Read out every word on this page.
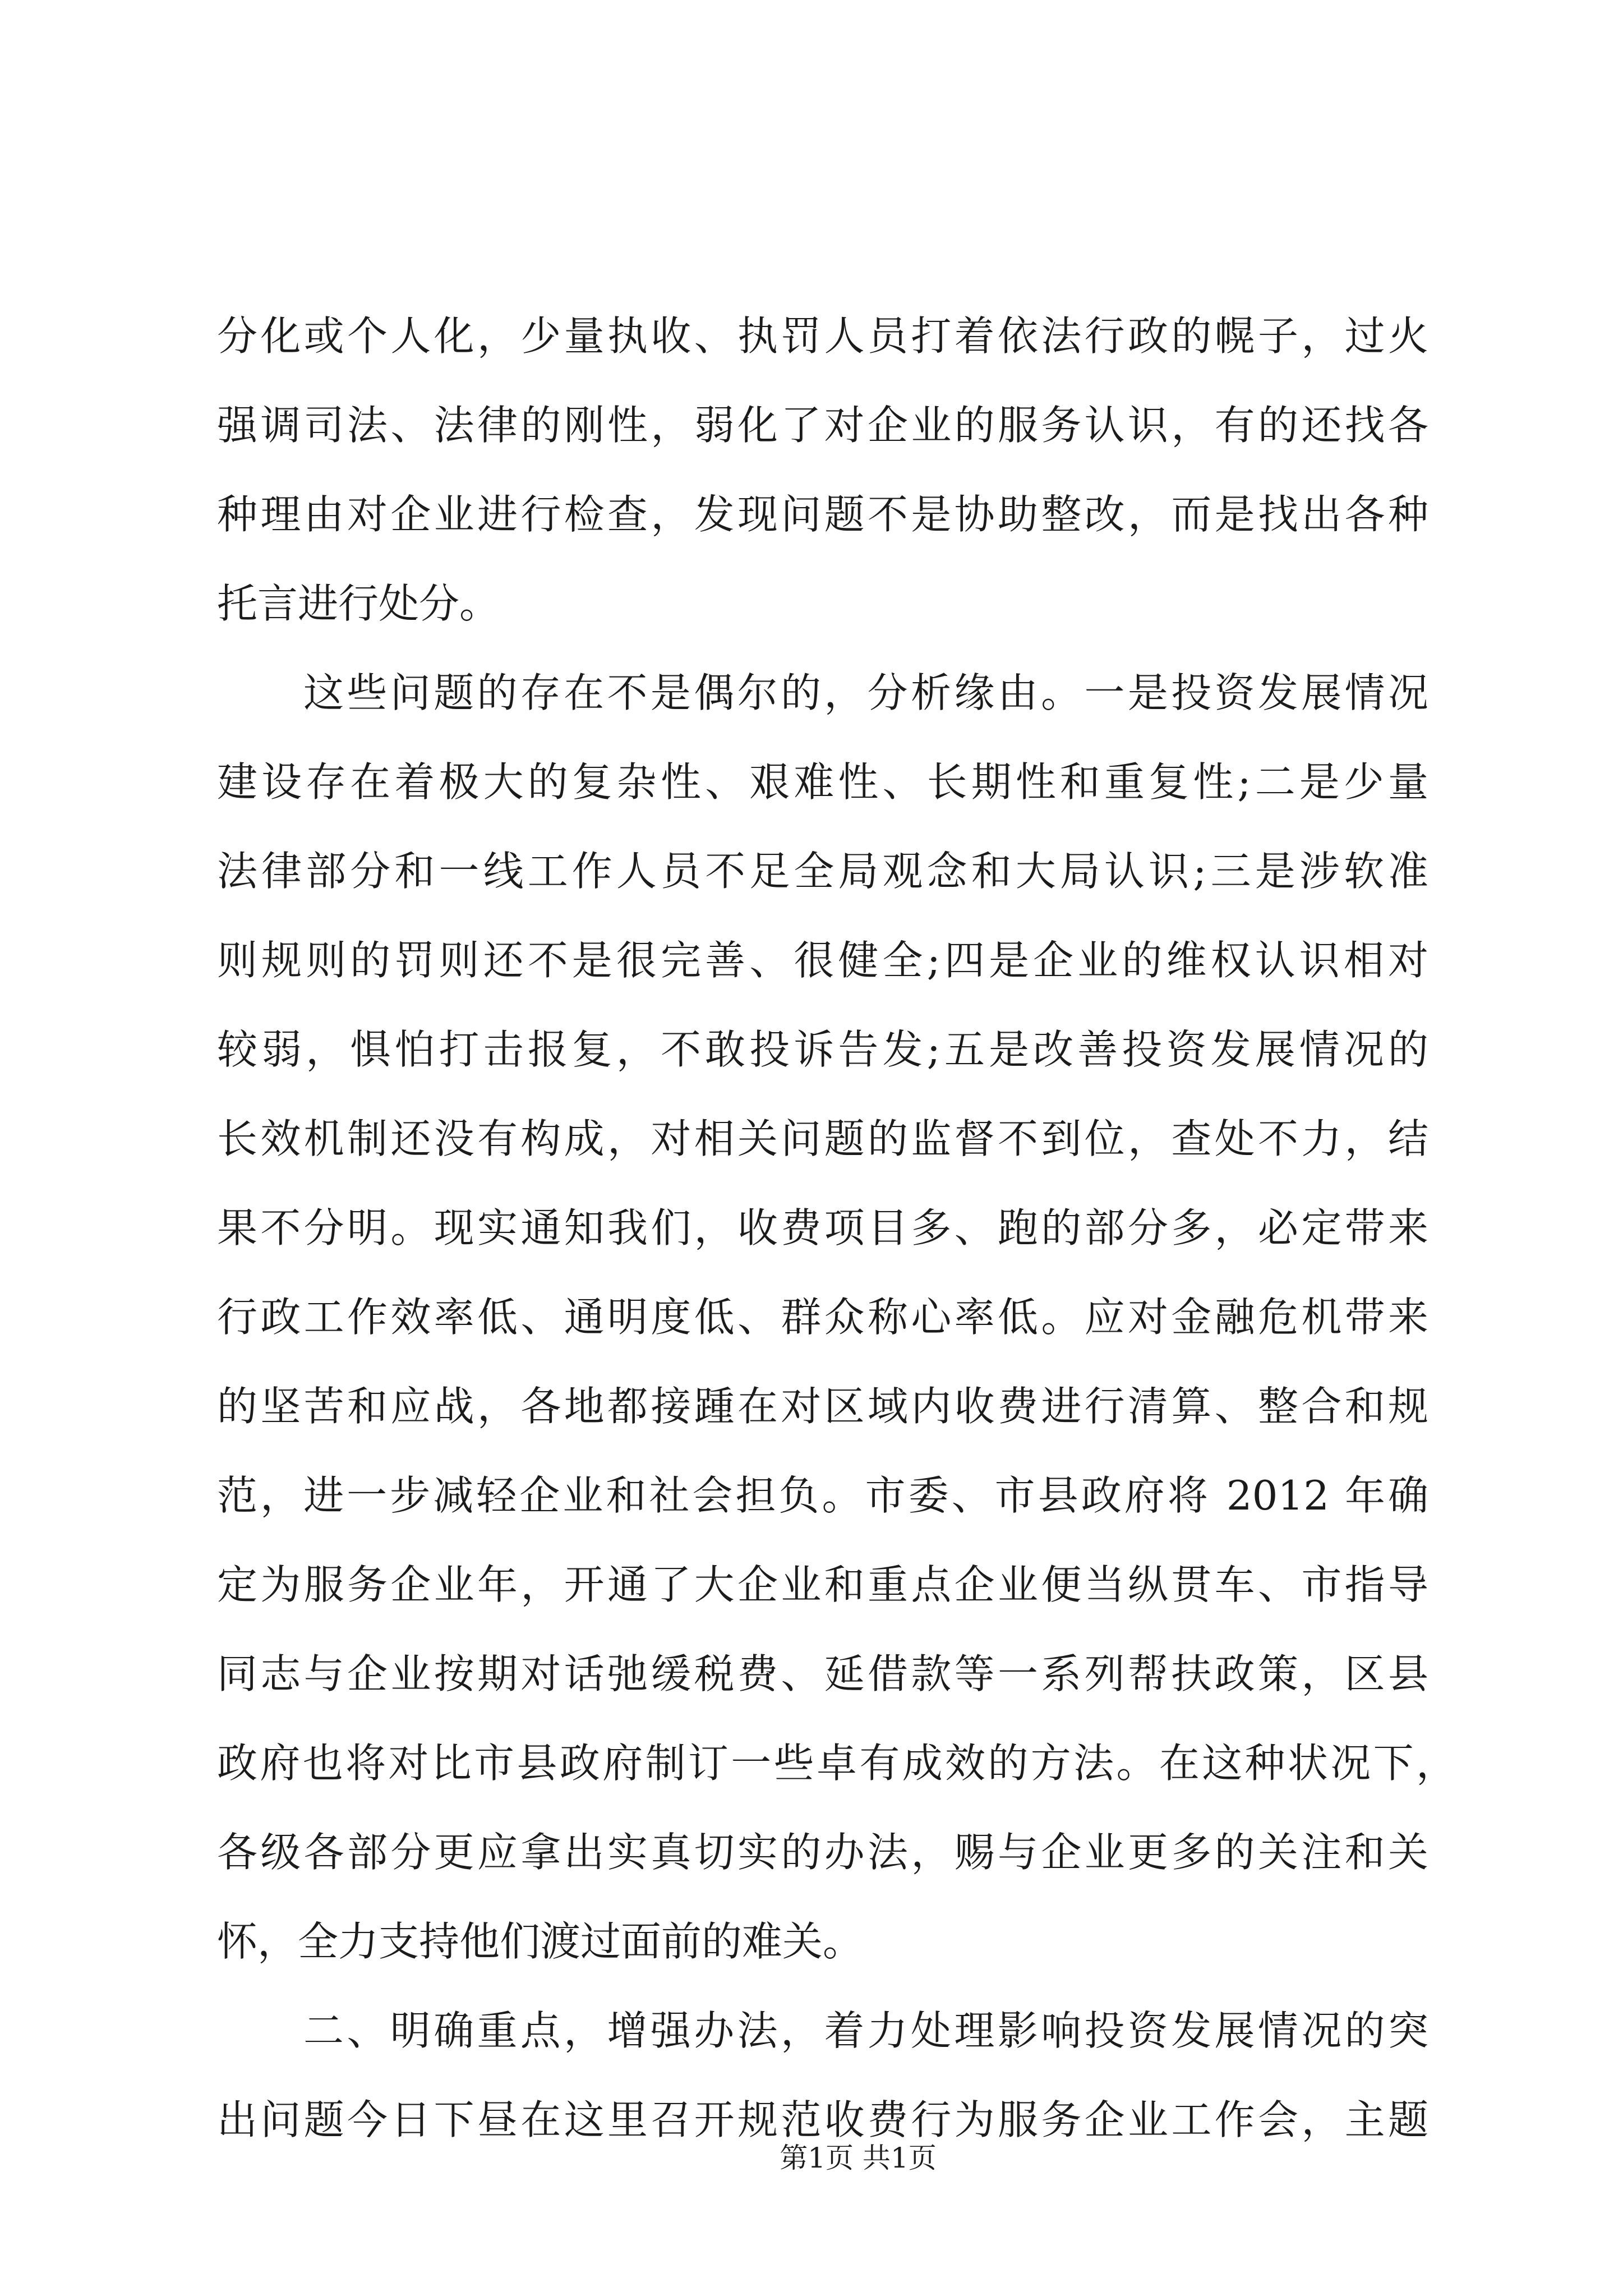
分化或个人化，少量执收、执罚人员打着依法行政的幌子，过火
强调司法、法律的刚性，弱化了对企业的服务认识，有的还找各
种理由对企业进行检查，发现问题不是协助整改，而是找出各种
托言进行处分。
这些问题的存在不是偶尔的，分析缘由。一是投资发展情况
建设存在着极大的复杂性、艰难性、长期性和重复性;二是少量
法律部分和一线工作人员不足全局观念和大局认识;三是涉软准
则规则的罚则还不是很完善、很健全;四是企业的维权认识相对
较弱，惧怕打击报复，不敢投诉告发;五是改善投资发展情况的
长效机制还没有构成，对相关问题的监督不到位，查处不力，结
果不分明。现实通知我们，收费项目多、跑的部分多，必定带来
行政工作效率低、通明度低、群众称心率低。应对金融危机带来
的坚苦和应战，各地都接踵在对区域内收费进行清算、整合和规
范，进一步减轻企业和社会担负。市委、市县政府将 2012 年确
定为服务企业年，开通了大企业和重点企业便当纵贯车、市指导
同志与企业按期对话弛缓税费、延借款等一系列帮扶政策，区县
政府也将对比市县政府制订一些卓有成效的方法。在这种状况下，
各级各部分更应拿出实真切实的办法，赐与企业更多的关注和关
怀，全力支持他们渡过面前的难关。
二、明确重点，增强办法，着力处理影响投资发展情况的突
出问题今日下昼在这里召开规范收费行为服务企业工作会，主题
第1页 共1页
